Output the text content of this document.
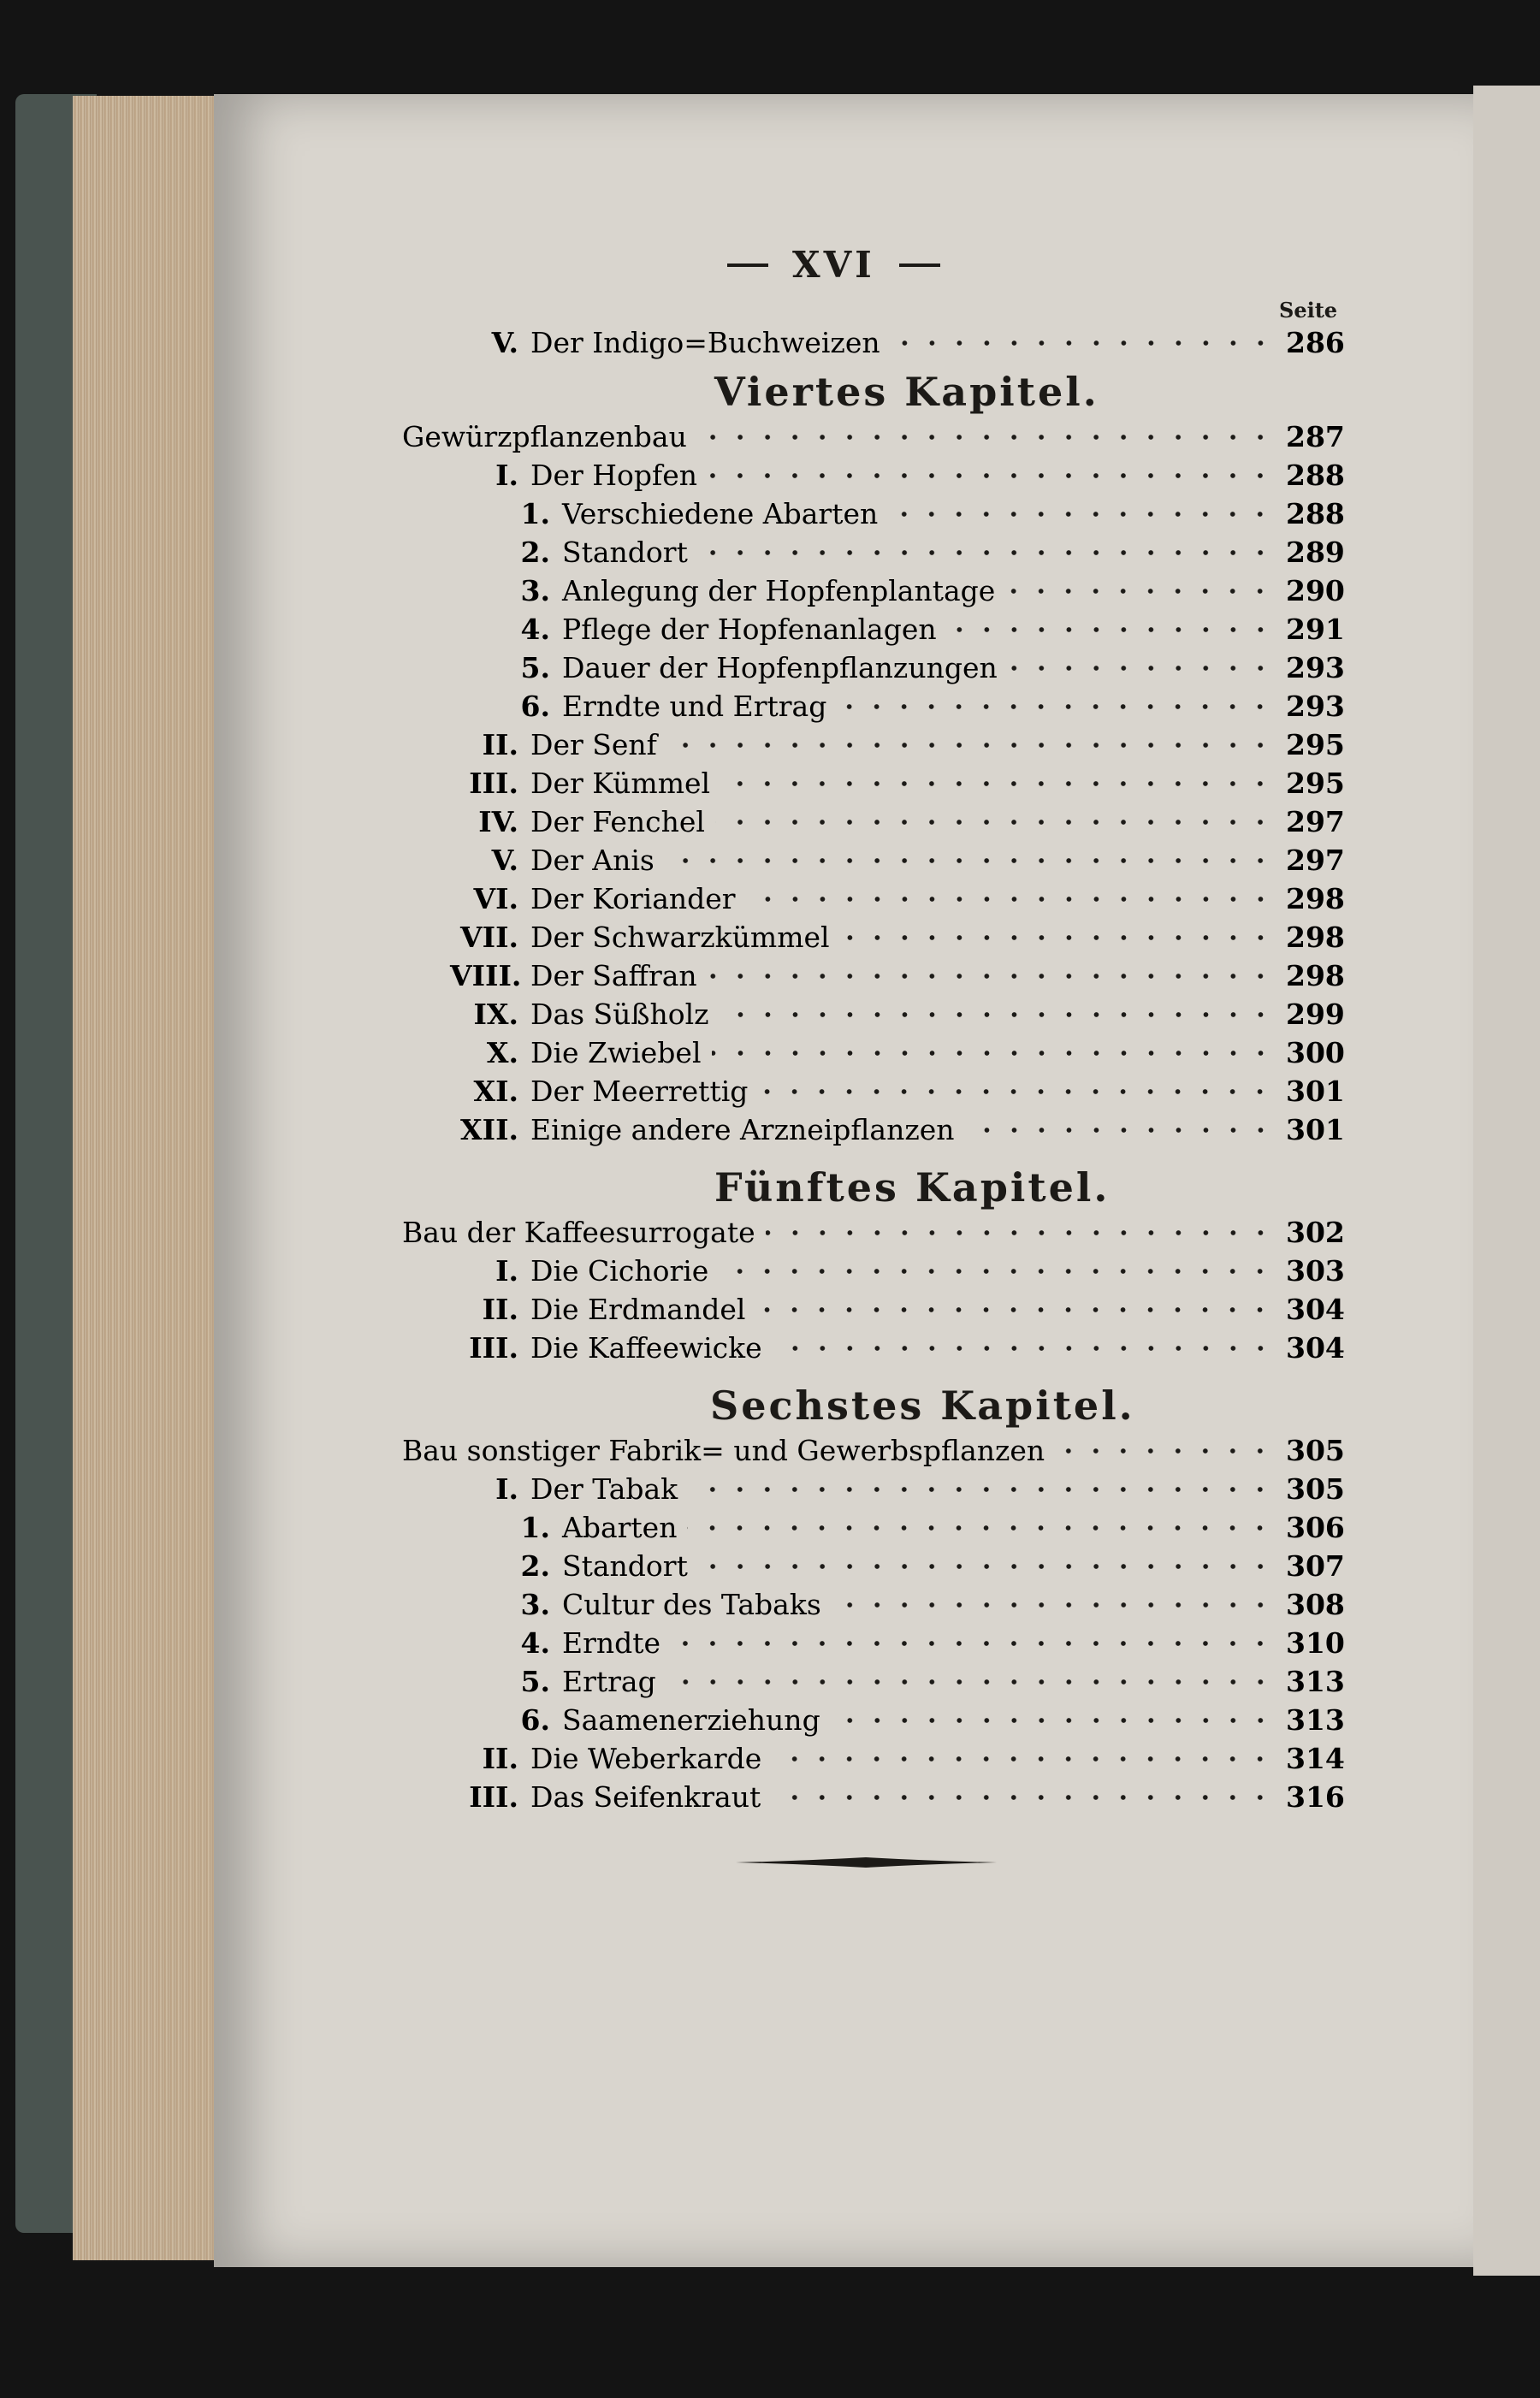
XVI
Seite
V. Der Indigo=Buchweizen	286
Viertes Kapitel.
Gewürzpflanzenbau	287
I. Der Hopfen	288
1. Verschiedene Abarten	288
2. Standort	289
3. Anlegung der Hopfenplantage	290
4. Pflege der Hopfenanlagen	291
5. Dauer der Hopfenpflanzungen	293
6. Erndte und Ertrag	293
II. Der Senf	295
III. Der Kümmel	295
IV. Der Fenchel	297
V. Der Anis	297
VI. Der Koriander	298
VII. Der Schwarzkümmel	298
VIII. Der Saffran	298
IX. Das Süßholz	299
X. Die Zwiebel	300
XI. Der Meerrettig	301
XII. Einige andere Arzneipflanzen	301
Fünftes Kapitel.
Bau der Kaffeesurrogate	302
I. Die Cichorie	303
II. Die Erdmandel	304
III. Die Kaffeewicke	304
Sechstes Kapitel.
Bau sonstiger Fabrik= und Gewerbspflanzen	305
I. Der Tabak	305
1. Abarten	306
2. Standort	307
3. Cultur des Tabaks	308
4. Erndte	310
5. Ertrag	313
6. Saamenerziehung	313
II. Die Weberkarde	314
III. Das Seifenkraut	316
